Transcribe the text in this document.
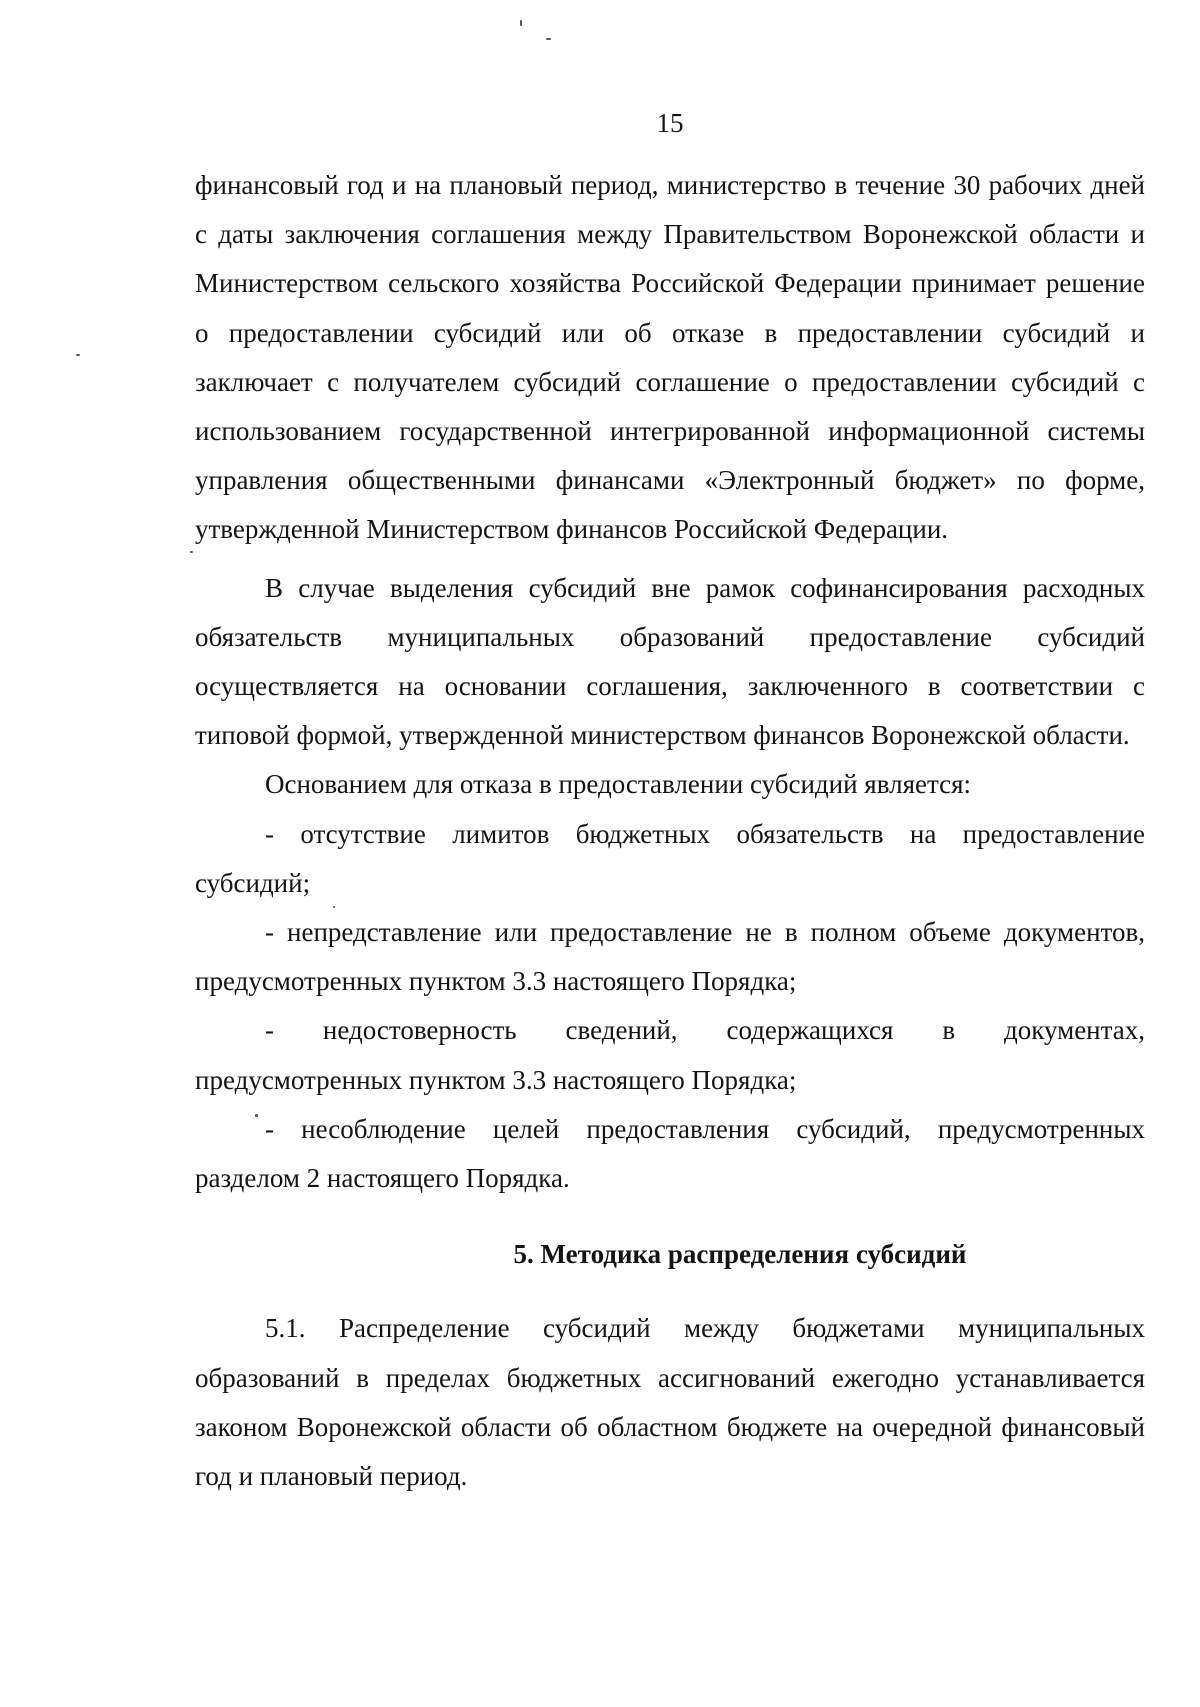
15

финансовый год и на плановый период, министерство в течение 30 рабочих дней с даты заключения соглашения между Правительством Воронежской области и Министерством сельского хозяйства Российской Федерации принимает решение о предоставлении субсидий или об отказе в предоставлении субсидий и заключает с получателем субсидий соглашение о предоставлении субсидий с использованием государственной интегрированной информационной системы управления общественными финансами «Электронный бюджет» по форме, утвержденной Министерством финансов Российской Федерации.

В случае выделения субсидий вне рамок софинансирования расходных обязательств муниципальных образований предоставление субсидий осуществляется на основании соглашения, заключенного в соответствии с типовой формой, утвержденной министерством финансов Воронежской области.

Основанием для отказа в предоставлении субсидий является:

- отсутствие лимитов бюджетных обязательств на предоставление субсидий;

- непредставление или предоставление не в полном объеме документов, предусмотренных пунктом 3.3 настоящего Порядка;

- недостоверность сведений, содержащихся в документах, предусмотренных пунктом 3.3 настоящего Порядка;

- несоблюдение целей предоставления субсидий, предусмотренных разделом 2 настоящего Порядка.

5. Методика распределения субсидий

5.1. Распределение субсидий между бюджетами муниципальных образований в пределах бюджетных ассигнований ежегодно устанавливается законом Воронежской области об областном бюджете на очередной финансовый год и плановый период.
